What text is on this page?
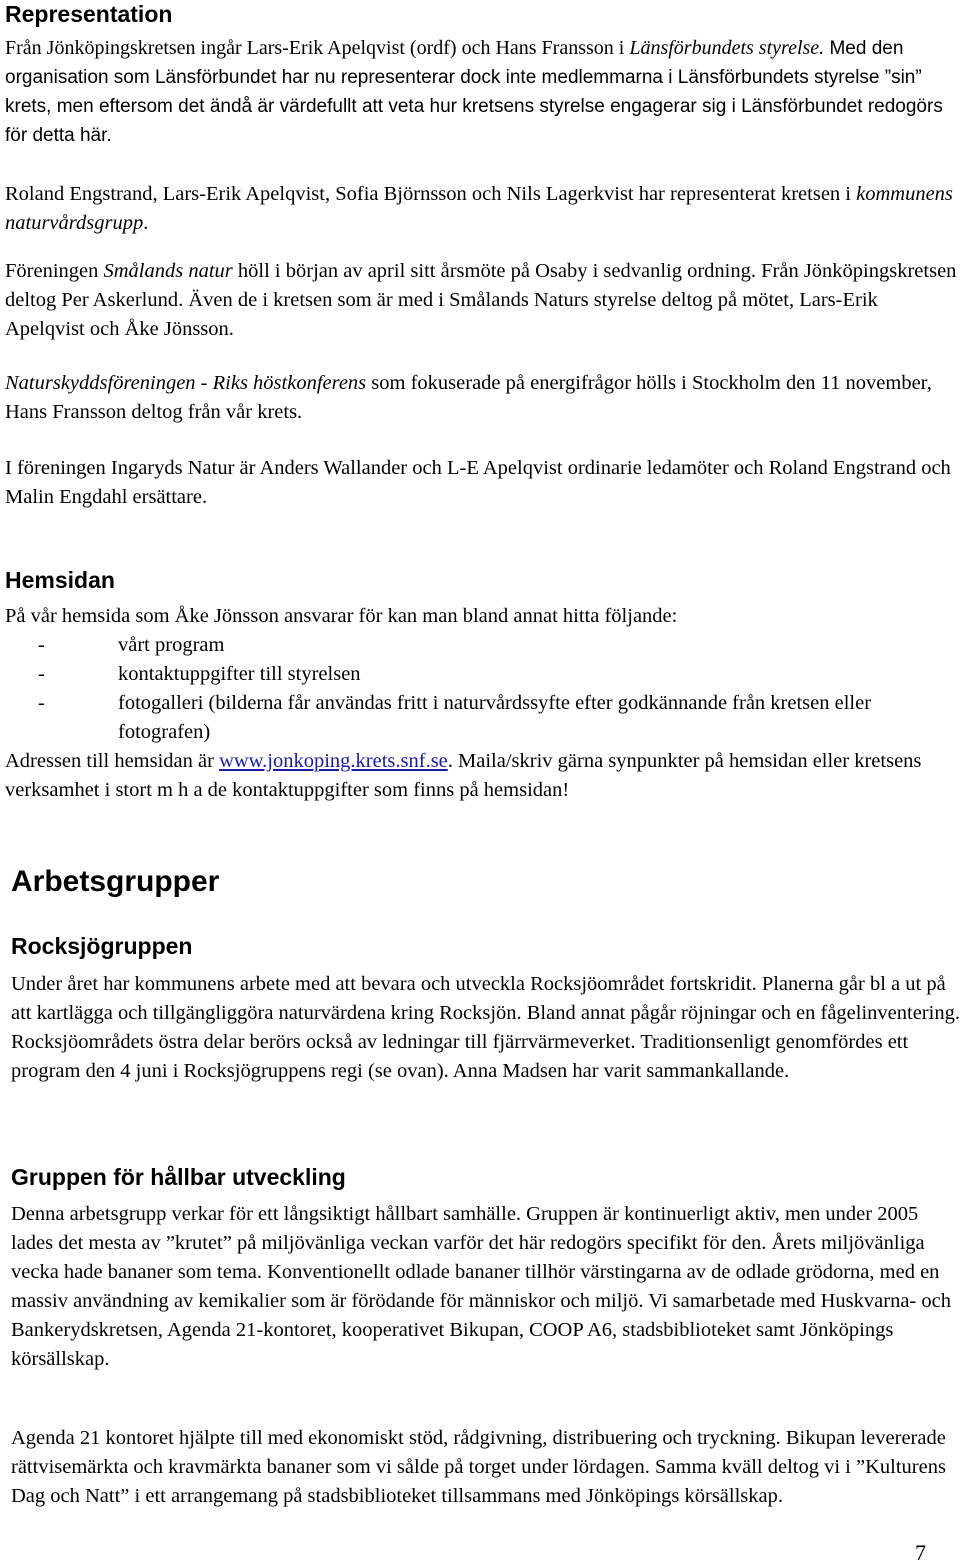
Representation

Från Jönköpingskretsen ingår Lars-Erik Apelqvist (ordf) och Hans Fransson i Länsförbundets styrelse. Med den organisation som Länsförbundet har nu representerar dock inte medlemmarna i Länsförbundets styrelse ”sin” krets, men eftersom det ändå är värdefullt att veta hur kretsens styrelse engagerar sig i Länsförbundet redogörs för detta här.

Roland Engstrand, Lars-Erik Apelqvist, Sofia Björnsson och Nils Lagerkvist har representerat kretsen i kommunens naturvårdsgrupp.

Föreningen Smålands natur höll i början av april sitt årsmöte på Osaby i sedvanlig ordning. Från Jönköpingskretsen deltog Per Askerlund. Även de i kretsen som är med i Smålands Naturs styrelse deltog på mötet, Lars-Erik Apelqvist och Åke Jönsson.

Naturskyddsföreningen - Riks höstkonferens som fokuserade på energifrågor hölls i Stockholm den 11 november, Hans Fransson deltog från vår krets.

I föreningen Ingaryds Natur är Anders Wallander och L-E Apelqvist ordinarie ledamöter och Roland Engstrand och Malin Engdahl ersättare.

Hemsidan

På vår hemsida som Åke Jönsson ansvarar för kan man bland annat hitta följande:

-	vårt program
-	kontaktuppgifter till styrelsen
-	fotogalleri (bilderna får användas fritt i naturvårdssyfte efter godkännande från kretsen eller fotografen)

Adressen till hemsidan är www.jonkoping.krets.snf.se. Maila/skriv gärna synpunkter på hemsidan eller kretsens verksamhet i stort m h a de kontaktuppgifter som finns på hemsidan!

Arbetsgrupper
Rocksjögruppen

Under året har kommunens arbete med att bevara och utveckla Rocksjöområdet fortskridit. Planerna går bl a ut på att kartlägga och tillgängliggöra naturvärdena kring Rocksjön. Bland annat pågår röjningar och en fågelinventering. Rocksjöområdets östra delar berörs också av ledningar till fjärrvärmeverket. Traditionsenligt genomfördes ett program den 4 juni i Rocksjögruppens regi (se ovan). Anna Madsen har varit sammankallande.

Gruppen för hållbar utveckling

Denna arbetsgrupp verkar för ett långsiktigt hållbart samhälle. Gruppen är kontinuerligt aktiv, men under 2005 lades det mesta av ”krutet” på miljövänliga veckan varför det här redogörs specifikt för den. Årets miljövänliga vecka hade bananer som tema. Konventionellt odlade bananer tillhör värstingarna av de odlade grödorna, med en massiv användning av kemikalier som är förödande för människor och miljö. Vi samarbetade med Huskvarna- och Bankerydskretsen, Agenda 21-kontoret, kooperativet Bikupan, COOP A6, stadsbiblioteket samt Jönköpings körsällskap.

Agenda 21 kontoret hjälpte till med ekonomiskt stöd, rådgivning, distribuering och tryckning. Bikupan levererade rättvisemärkta och kravmärkta bananer som vi sålde på torget under lördagen. Samma kväll deltog vi i ”Kulturens Dag och Natt” i ett arrangemang på stadsbiblioteket tillsammans med Jönköpings körsällskap.

7
